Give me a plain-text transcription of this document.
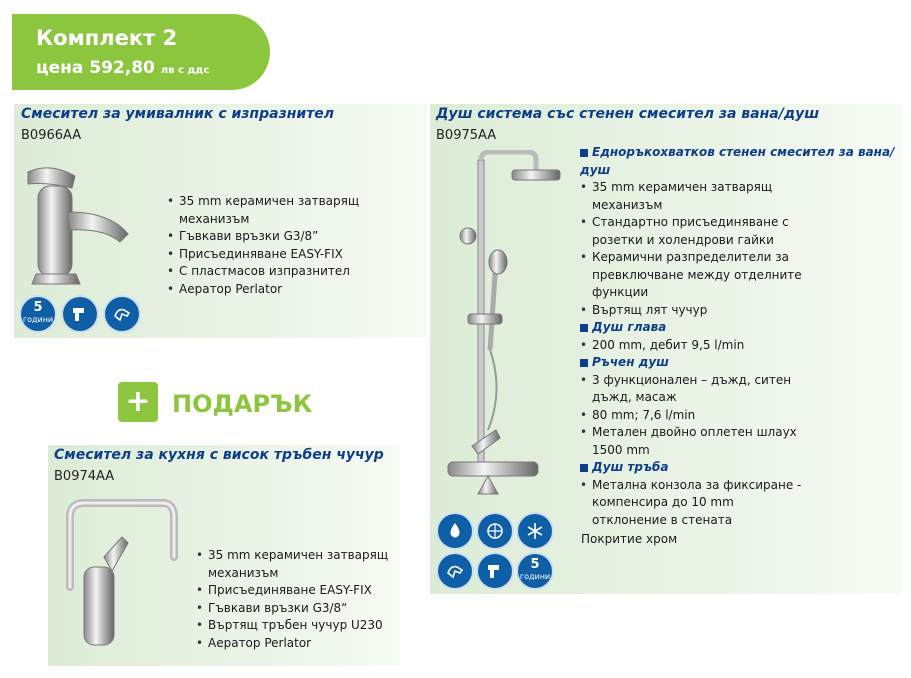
Комплект 2
цена 592,80 лв с ддс
Смесител за умивалник с изпразнител
B0966AA
• 35 mm керамичен затварящ механизъм
• Гъвкави връзки G3/8”
• Присъединяване EASY-FIX
• С пластмасов изпразнител
• Аератор Perlator
5
години
+ ПОДАРЪК
Смесител за кухня с висок тръбен чучур
B0974AA
• 35 mm керамичен затварящ механизъм
• Присъединяване EASY-FIX
• Гъвкави връзки G3/8“
• Въртящ тръбен чучур U230
• Аератор Perlator
Душ система със стенен смесител за вана/душ
B0975AA
Еднoръкохватков стенен смесител за вана/душ
• 35 mm керамичен затварящ механизъм
• Стандартно присъединяване с розетки и холендрови гайки
• Керамични разпределители за превключване между отделните функции
• Въртящ лят чучур
Душ глава
• 200 mm, дебит 9,5 l/min
Ръчен душ
• 3 функционален – дъжд, ситен дъжд, масаж
• 80 mm; 7,6 l/min
• Метален двойно оплетен шлаух 1500 mm
Душ тръба
• Метална конзола за фиксиране - компенсира до 10 mm отклонение в стената
Покритие хром
5
години
